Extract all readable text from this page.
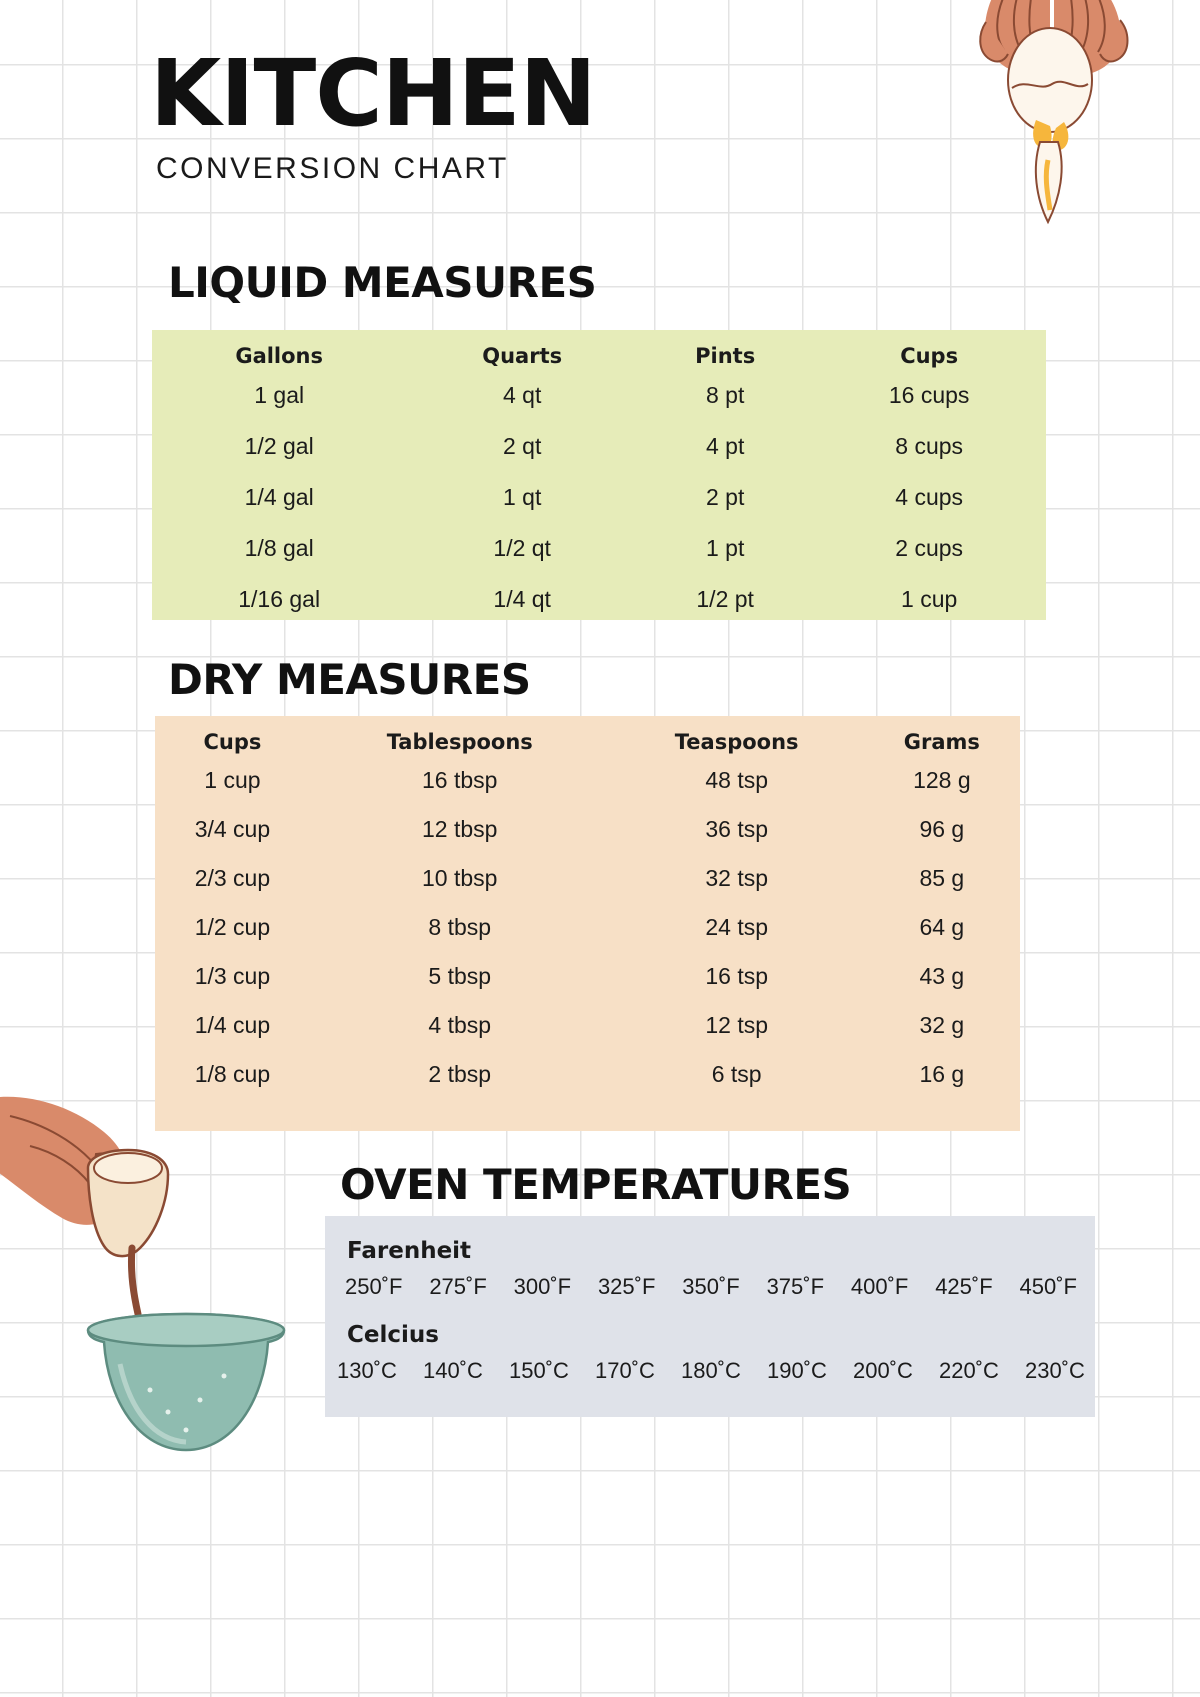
KITCHEN
CONVERSION CHART
LIQUID MEASURES
Gallons	Quarts	Pints	Cups
1 gal	4 qt	8 pt	16 cups
1/2 gal	2 qt	4 pt	8 cups
1/4 gal	1 qt	2 pt	4 cups
1/8 gal	1/2 qt	1 pt	2 cups
1/16 gal	1/4 qt	1/2 pt	1 cup
DRY MEASURES
Cups	Tablespoons	Teaspoons	Grams
1 cup	16 tbsp	48 tsp	128 g
3/4 cup	12 tbsp	36 tsp	96 g
2/3 cup	10 tbsp	32 tsp	85 g
1/2 cup	8 tbsp	24 tsp	64 g
1/3 cup	5 tbsp	16 tsp	43 g
1/4 cup	4 tbsp	12 tsp	32 g
1/8 cup	2 tbsp	6 tsp	16 g
OVEN TEMPERATURES
Farenheit
250˚F 275˚F 300˚F 325˚F 350˚F 375˚F 400˚F 425˚F 450˚F
Celcius
130˚C 140˚C 150˚C 170˚C 180˚C 190˚C 200˚C 220˚C 230˚C
